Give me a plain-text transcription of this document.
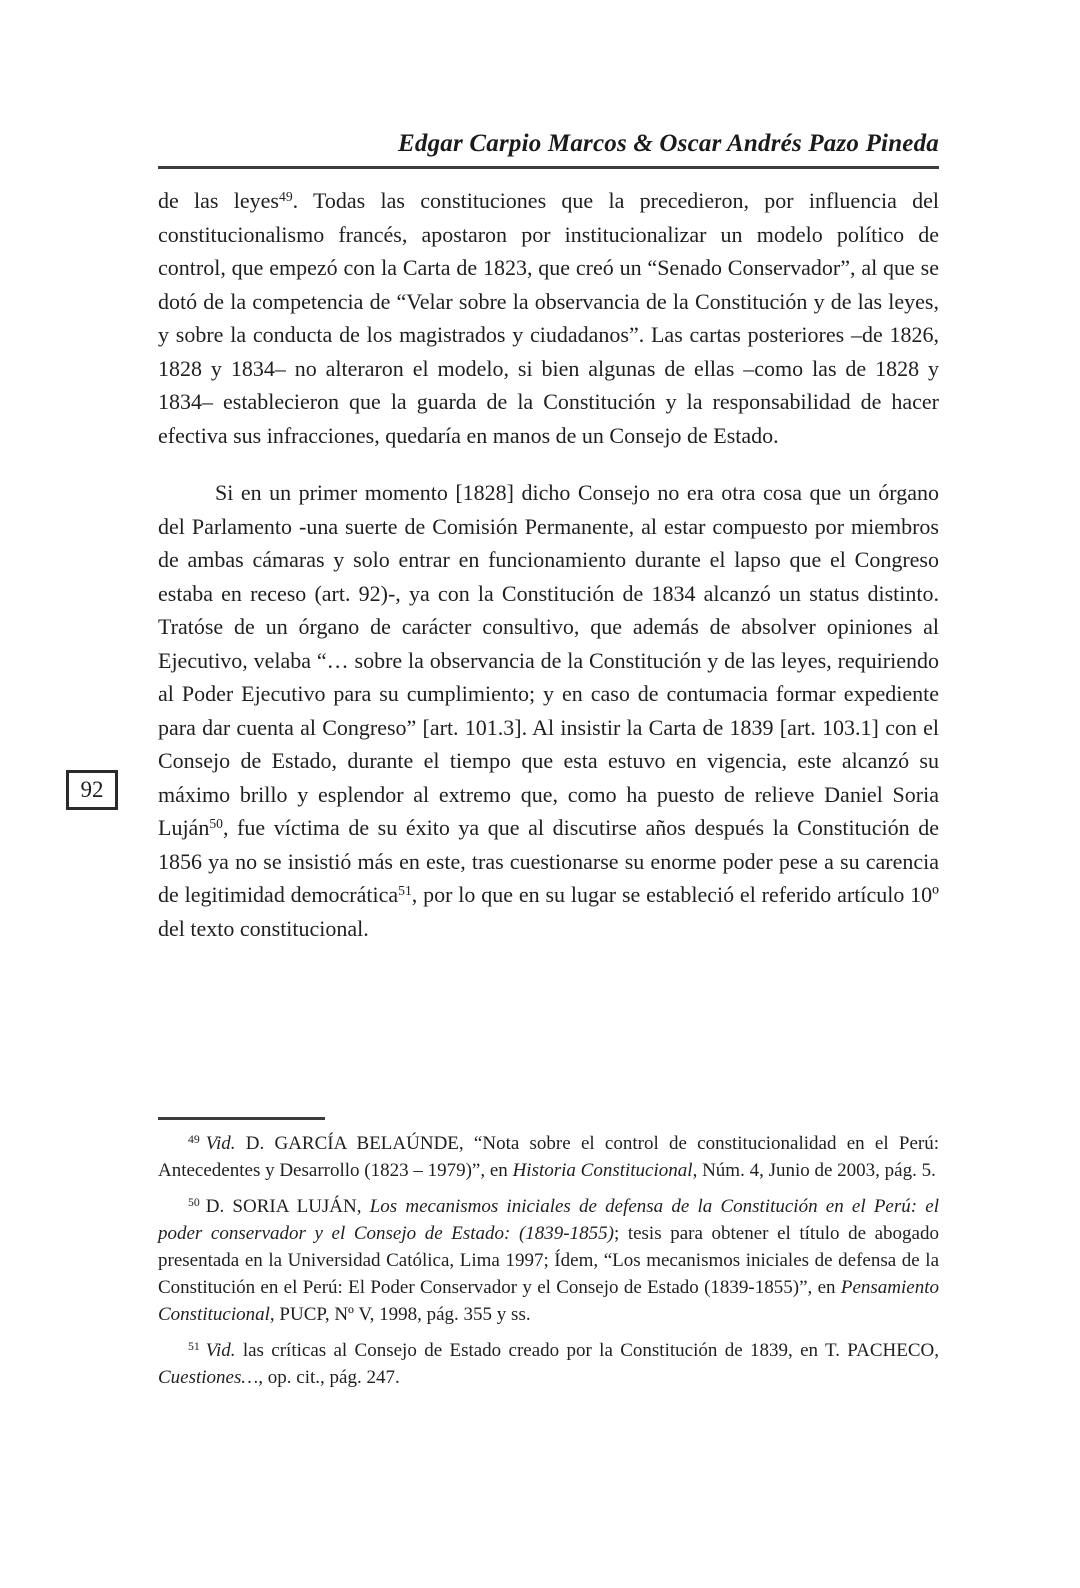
Edgar Carpio Marcos & Oscar Andrés Pazo Pineda

de las leyes$^{49}$. Todas las constituciones que la precedieron, por influencia del constitucionalismo francés, apostaron por institucionalizar un modelo político de control, que empezó con la Carta de 1823, que creó un “Senado Conservador”, al que se dotó de la competencia de “Velar sobre la observancia de la Constitución y de las leyes, y sobre la conducta de los magistrados y ciudadanos”. Las cartas posteriores –de 1826, 1828 y 1834– no alteraron el modelo, si bien algunas de ellas –como las de 1828 y 1834– establecieron que la guarda de la Constitución y la responsabilidad de hacer efectiva sus infracciones, quedaría en manos de un Consejo de Estado.

Si en un primer momento [1828] dicho Consejo no era otra cosa que un órgano del Parlamento -una suerte de Comisión Permanente, al estar compuesto por miembros de ambas cámaras y solo entrar en funcionamiento durante el lapso que el Congreso estaba en receso (art. 92)-, ya con la Constitución de 1834 alcanzó un status distinto. Tratóse de un órgano de carácter consultivo, que además de absolver opiniones al Ejecutivo, velaba “… sobre la observancia de la Constitución y de las leyes, requiriendo al Poder Ejecutivo para su cumplimiento; y en caso de contumacia formar expediente para dar cuenta al Congreso” [art. 101.3]. Al insistir la Carta de 1839 [art. 103.1] con el Consejo de Estado, durante el tiempo que esta estuvo en vigencia, este alcanzó su máximo brillo y esplendor al extremo que, como ha puesto de relieve Daniel Soria Luján$^{50}$, fue víctima de su éxito ya que al discutirse años después la Constitución de 1856 ya no se insistió más en este, tras cuestionarse su enorme poder pese a su carencia de legitimidad democrática$^{51}$, por lo que en su lugar se estableció el referido artículo 10º del texto constitucional.

92

$^{49}$ Vid. D. GARCÍA BELAÚNDE, “Nota sobre el control de constitucionalidad en el Perú: Antecedentes y Desarrollo (1823 – 1979)”, en Historia Constitucional, Núm. 4, Junio de 2003, pág. 5.

$^{50}$ D. SORIA LUJÁN, Los mecanismos iniciales de defensa de la Constitución en el Perú: el poder conservador y el Consejo de Estado: (1839-1855); tesis para obtener el título de abogado presentada en la Universidad Católica, Lima 1997; Ídem, “Los mecanismos iniciales de defensa de la Constitución en el Perú: El Poder Conservador y el Consejo de Estado (1839-1855)”, en Pensamiento Constitucional, PUCP, Nº V, 1998, pág. 355 y ss.

$^{51}$ Vid. las críticas al Consejo de Estado creado por la Constitución de 1839, en T. PACHECO, Cuestiones…, op. cit., pág. 247.
